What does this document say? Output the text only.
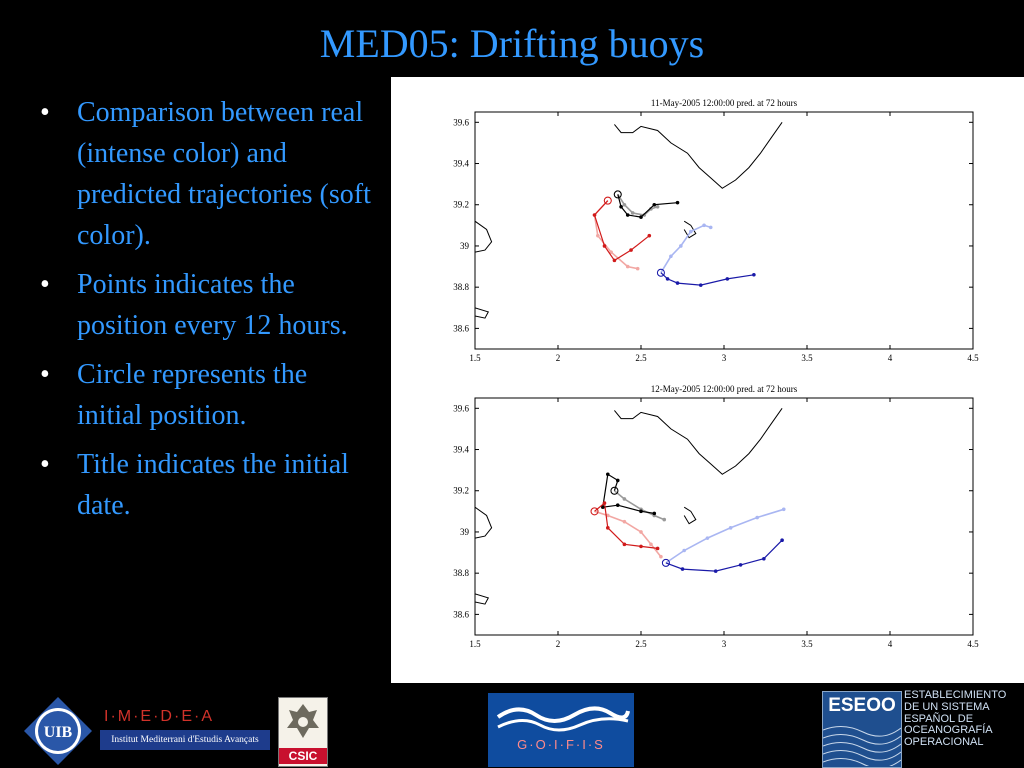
MED05: Drifting buoys
• Comparison between real (intense color) and predicted trajectories (soft color).
• Points indicates the position every 12 hours.
• Circle represents the initial position.
• Title indicates the initial date.
11-May-2005 12:00:00 pred. at 72 hours
1.5	2	2.5	3	3.5	4	4.5
38.6
38.8
39
39.2
39.4
39.6
12-May-2005 12:00:00 pred. at 72 hours
1.5	2	2.5	3	3.5	4	4.5
38.6
38.8
39
39.2
39.4
39.6
UIB
I·M·E·D·E·A
Institut Mediterrani d'Estudis Avançats
CSIC
G·O·I·F·I·S
ESEOO ESTABLECIMIENTO
DE UN SISTEMA
ESPAÑOL DE
OCEANOGRAFÍA
OPERACIONAL
